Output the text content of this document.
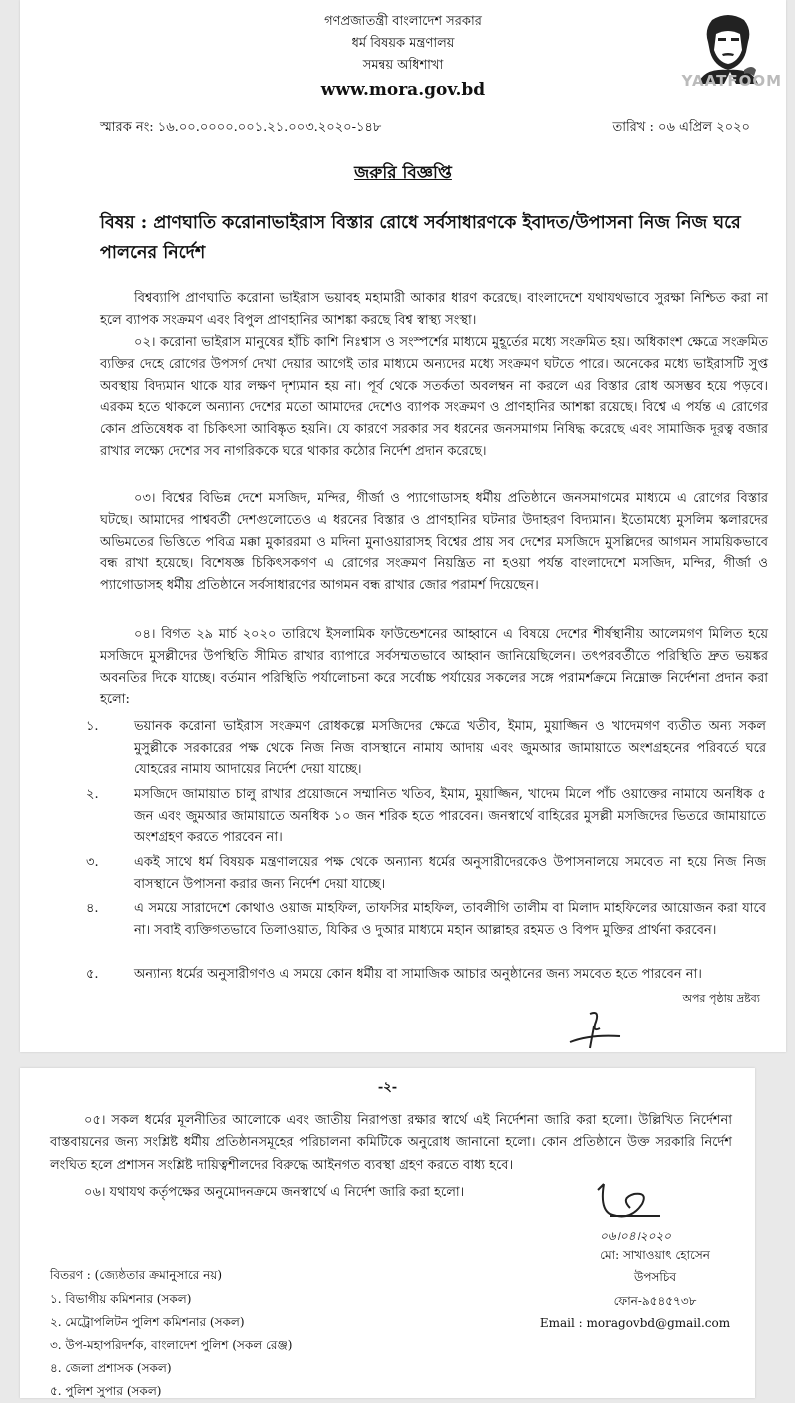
গণপ্রজাতন্ত্রী বাংলাদেশ সরকার
ধর্ম বিষয়ক মন্ত্রণালয়
সমন্বয় অধিশাখা
www.mora.gov.bd	YAATFOOM
স্মারক নং: ১৬.০০.০০০০.০০১.২১.০০৩.২০২০-১৪৮	তারিখ : ০৬ এপ্রিল ২০২০
জরুরি বিজ্ঞপ্তি
বিষয় : প্রাণঘাতি করোনাভাইরাস বিস্তার রোধে সর্বসাধারণকে ইবাদত/উপাসনা নিজ নিজ ঘরে পালনের নির্দেশ

বিশ্বব্যাপি প্রাণঘাতি করোনা ভাইরাস ভয়াবহ মহামারী আকার ধারণ করেছে। বাংলাদেশে যথাযথভাবে সুরক্ষা নিশ্চিত করা না হলে ব্যাপক সংক্রমণ এবং বিপুল প্রাণহানির আশঙ্কা করছে বিশ্ব স্বাস্থ্য সংস্থা।

০২। করোনা ভাইরাস মানুষের হাঁচি কাশি নিঃশ্বাস ও সংস্পর্শের মাধ্যমে মুহূর্তের মধ্যে সংক্রমিত হয়। অধিকাংশ ক্ষেত্রে সংক্রমিত ব্যক্তির দেহে রোগের উপসর্গ দেখা দেয়ার আগেই তার মাধ্যমে অন্যদের মধ্যে সংক্রমণ ঘটতে পারে। অনেকের মধ্যে ভাইরাসটি সুপ্ত অবস্থায় বিদ্যমান থাকে যার লক্ষণ দৃশ্যমান হয় না। পূর্ব থেকে সতর্কতা অবলম্বন না করলে এর বিস্তার রোধ অসম্ভব হয়ে পড়বে। এরকম হতে থাকলে অন্যান্য দেশের মতো আমাদের দেশেও ব্যাপক সংক্রমণ ও প্রাণহানির আশঙ্কা রয়েছে। বিশ্বে এ পর্যন্ত এ রোগের কোন প্রতিষেধক বা চিকিৎসা আবিষ্কৃত হয়নি। যে কারণে সরকার সব ধরনের জনসমাগম নিষিদ্ধ করেছে এবং সামাজিক দূরত্ব বজার রাখার লক্ষ্যে দেশের সব নাগরিককে ঘরে থাকার কঠোর নির্দেশ প্রদান করেছে।

০৩। বিশ্বের বিভিন্ন দেশে মসজিদ, মন্দির, গীর্জা ও প্যাগোডাসহ ধর্মীয় প্রতিষ্ঠানে জনসমাগমের মাধ্যমে এ রোগের বিস্তার ঘটছে। আমাদের পাশ্ববর্তী দেশগুলোতেও এ ধরনের বিস্তার ও প্রাণহানির ঘটনার উদাহরণ বিদ্যমান। ইতোমধ্যে মুসলিম স্কলারদের অভিমতের ভিত্তিতে পবিত্র মক্কা মুকাররমা ও মদিনা মুনাওয়ারাসহ বিশ্বের প্রায় সব দেশের মসজিদে মুসল্লিদের আগমন সাময়িকভাবে বন্ধ রাখা হয়েছে। বিশেষজ্ঞ চিকিৎসকগণ এ রোগের সংক্রমণ নিয়ন্ত্রিত না হওয়া পর্যন্ত বাংলাদেশে মসজিদ, মন্দির, গীর্জা ও প্যাগোডাসহ ধর্মীয় প্রতিষ্ঠানে সর্বসাধারণের আগমন বন্ধ রাখার জোর পরামর্শ দিয়েছেন।

০৪। বিগত ২৯ মার্চ ২০২০ তারিখে ইসলামিক ফাউন্ডেশনের আহ্বানে এ বিষয়ে দেশের শীর্ষস্থানীয় আলেমগণ মিলিত হয়ে মসজিদে মুসল্লীদের উপস্থিতি সীমিত রাখার ব্যাপারে সর্বসম্মতভাবে আহ্বান জানিয়েছিলেন। তৎপরবর্তীতে পরিস্থিতি দ্রুত ভয়ঙ্কর অবনতির দিকে যাচ্ছে। বর্তমান পরিস্থিতি পর্যালোচনা করে সর্বোচ্চ পর্যায়ের সকলের সঙ্গে পরামর্শক্রমে নিম্নোক্ত নির্দেশনা প্রদান করা হলো:

১.	ভয়ানক করোনা ভাইরাস সংক্রমণ রোধকল্পে মসজিদের ক্ষেত্রে খতীব, ইমাম, মুয়াজ্জিন ও খাদেমগণ ব্যতীত অন্য সকল মুসুল্লীকে সরকারের পক্ষ থেকে নিজ নিজ বাসস্থানে নামায আদায় এবং জুমআর জামায়াতে অংশগ্রহনের পরিবর্তে ঘরে যোহরের নামায আদায়ের নির্দেশ দেয়া যাচ্ছে।
২.	মসজিদে জামায়াত চালু রাখার প্রয়োজনে সম্মানিত খতিব, ইমাম, মুয়াজ্জিন, খাদেম মিলে পাঁচ ওয়াক্তের নামাযে অনধিক ৫ জন এবং জুমআর জামায়াতে অনধিক ১০ জন শরিক হতে পারবেন। জনস্বার্থে বাহিরের মুসল্লী মসজিদের ভিতরে জামায়াতে অংশগ্রহণ করতে পারবেন না।
৩.	একই সাথে ধর্ম বিষয়ক মন্ত্রণালয়ের পক্ষ থেকে অন্যান্য ধর্মের অনুসারীদেরকেও উপাসনালয়ে সমবেত না হয়ে নিজ নিজ বাসস্থানে উপাসনা করার জন্য নির্দেশ দেয়া যাচ্ছে।
৪.	এ সময়ে সারাদেশে কোথাও ওয়াজ মাহফিল, তাফসির মাহফিল, তাবলীগি তালীম বা মিলাদ মাহফিলের আয়োজন করা যাবে না। সবাই ব্যক্তিগতভাবে তিলাওয়াত, যিকির ও দুআর মাধ্যমে মহান আল্লাহর রহমত ও বিপদ মুক্তির প্রার্থনা করবেন।
৫.	অন্যান্য ধর্মের অনুসারীগণও এ সময়ে কোন ধর্মীয় বা সামাজিক আচার অনুষ্ঠানের জন্য সমবেত হতে পারবেন না।
অপর পৃষ্ঠায় দ্রষ্টব্য
-২-

০৫। সকল ধর্মের মূলনীতির আলোকে এবং জাতীয় নিরাপত্তা রক্ষার স্বার্থে এই নির্দেশনা জারি করা হলো। উল্লিখিত নির্দেশনা বাস্তবায়নের জন্য সংশ্লিষ্ট ধর্মীয় প্রতিষ্ঠানসমূহের পরিচালনা কমিটিকে অনুরোধ জানানো হলো। কোন প্রতিষ্ঠানে উক্ত সরকারি নির্দেশ লংঘিত হলে প্রশাসন সংশ্লিষ্ট দায়িত্বশীলদের বিরুদ্ধে আইনগত ব্যবস্থা গ্রহণ করতে বাধ্য হবে।

০৬। যথাযথ কর্তৃপক্ষের অনুমোদনক্রমে জনস্বার্থে এ নির্দেশ জারি করা হলো।

০৬।০৪।২০২০
মো: সাখাওয়াৎ হোসেন
উপসচিব
ফোন-৯৫৪৫৭৩৮
Email : moragovbd@gmail.com
বিতরণ : (জ্যেষ্ঠতার ক্রমানুসারে নয়)
১. বিভাগীয় কমিশনার (সকল)
২. মেট্রোপলিটন পুলিশ কমিশনার (সকল)
৩. উপ-মহাপরিদর্শক, বাংলাদেশ পুলিশ (সকল রেঞ্জ)
৪. জেলা প্রশাসক (সকল)
৫. পুলিশ সুপার (সকল)
